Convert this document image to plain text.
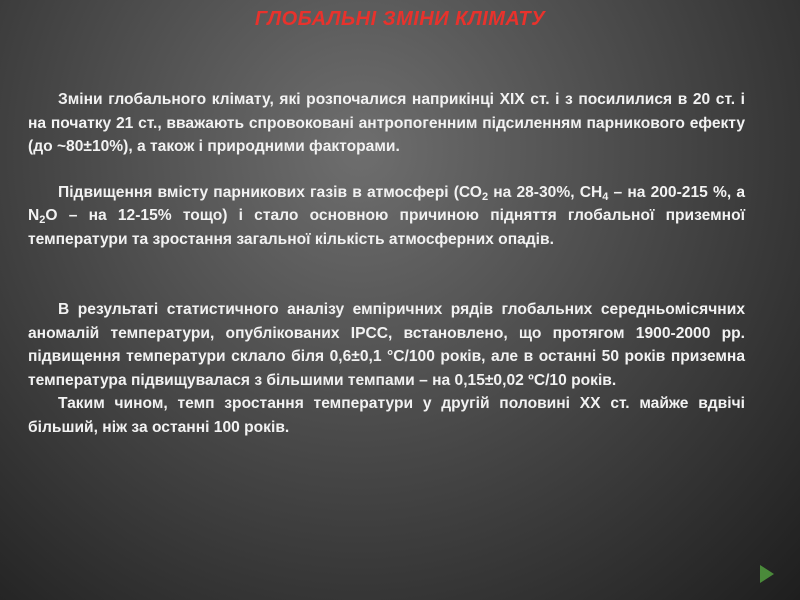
ГЛОБАЛЬНІ ЗМІНИ КЛІМАТУ

Зміни глобального клімату, які розпочалися наприкінці XIX ст. і з посилилися в 20 ст. і на початку 21 ст., вважають спровоковані антропогенним підсиленням парникового ефекту (до ~80±10%), а також і природними факторами.

Підвищення вмісту парникових газів в атмосфері ($СО_2$ на 28-30%, $СН_4$ – на 200-215 %, а $N_2O$ – на 12-15% тощо) і стало основною причиною підняття глобальної приземної температури та зростання загальної кількість атмосферних опадів.

В результаті статистичного аналізу емпіричних рядів глобальних середньомісячних аномалій температури, опублікованих IPCC, встановлено, що протягом 1900-2000 рр. підвищення температури склало біля 0,6±0,1 °С/100 років, але в останні 50 років приземна температура підвищувалася з більшими темпами – на 0,15±0,02 ºС/10 років.

Таким чином, темп зростання температури у другій половині XX ст. майже вдвічі більший, ніж за останні 100 років.
